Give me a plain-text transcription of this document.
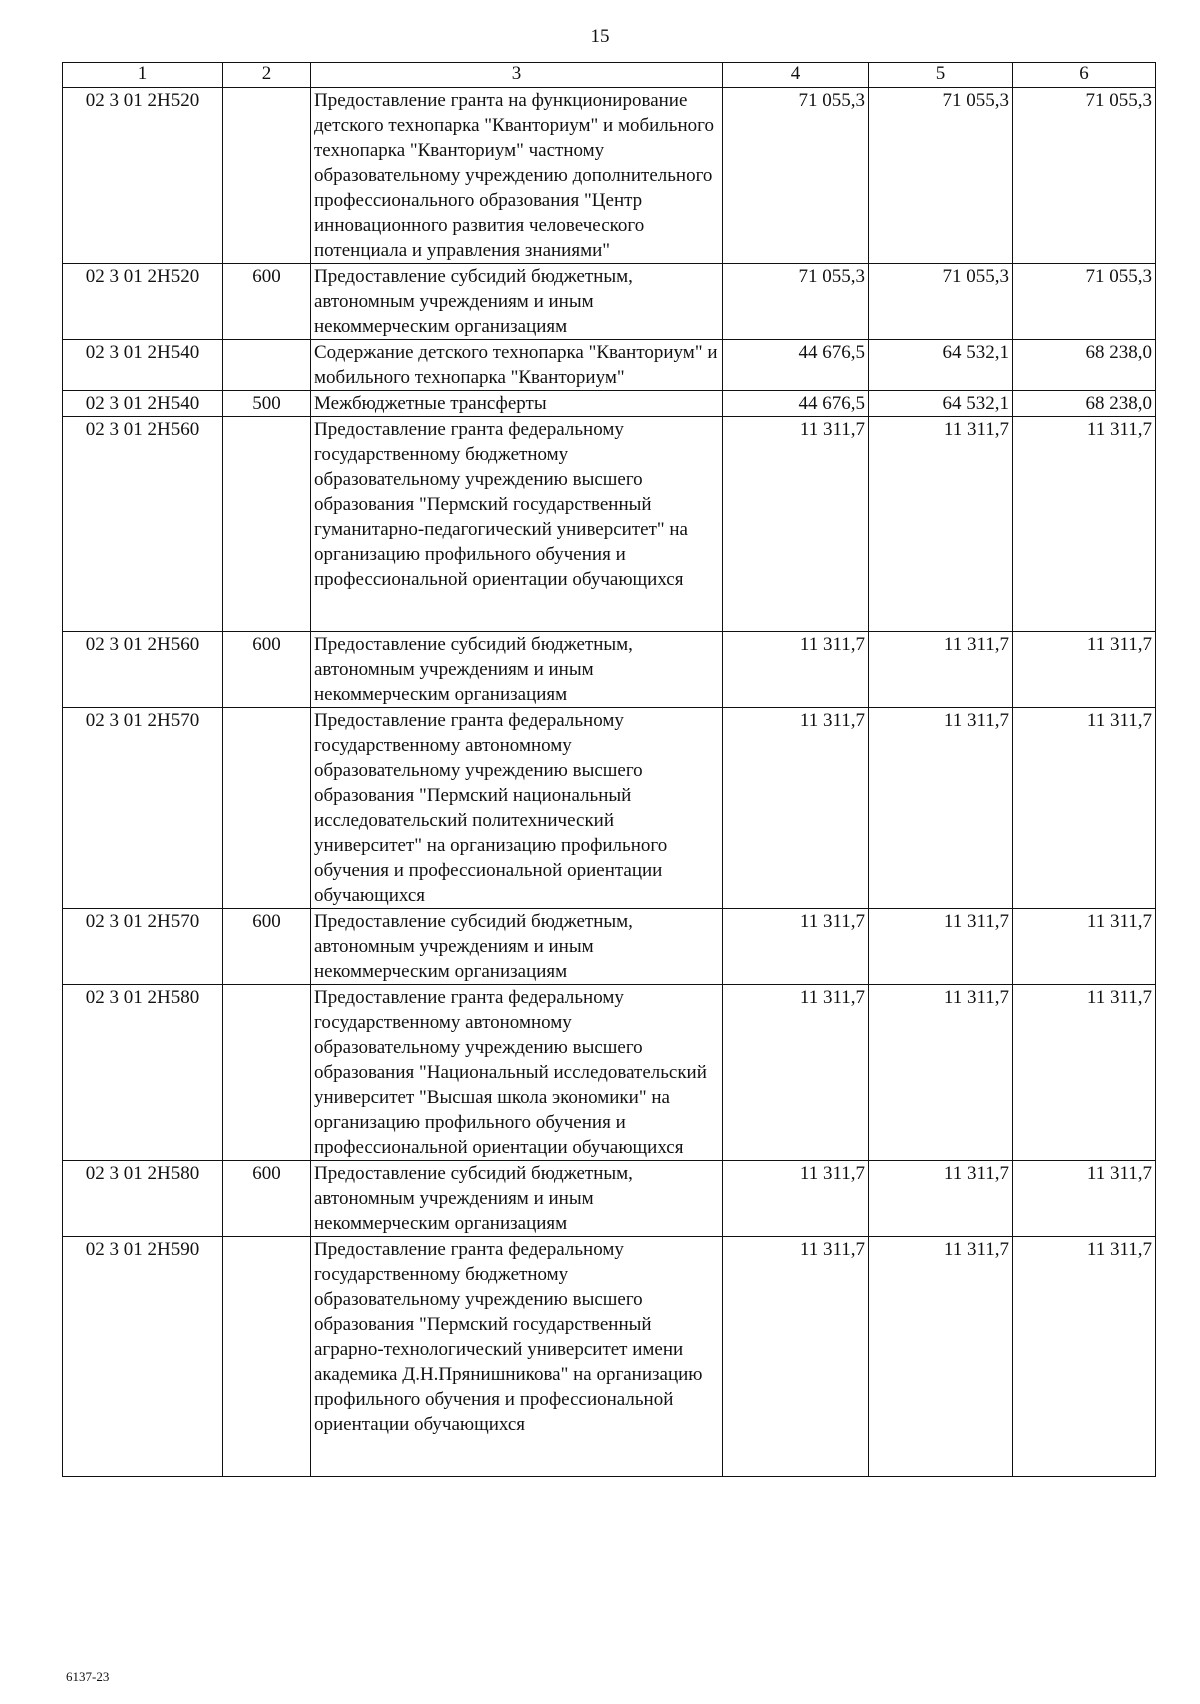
15
1	2	3	4	5	6
02 3 01 2Н520		Предоставление гранта на функционирование детского технопарка "Кванториум" и мобильного технопарка "Кванториум" частному образовательному учреждению дополнительного профессионального образования "Центр инновационного развития человеческого потенциала и управления знаниями"	71 055,3	71 055,3	71 055,3
02 3 01 2Н520	600	Предоставление субсидий бюджетным, автономным учреждениям и иным некоммерческим организациям	71 055,3	71 055,3	71 055,3
02 3 01 2Н540		Содержание детского технопарка "Кванториум" и мобильного технопарка "Кванториум"	44 676,5	64 532,1	68 238,0
02 3 01 2Н540	500	Межбюджетные трансферты	44 676,5	64 532,1	68 238,0
02 3 01 2Н560		Предоставление гранта федеральному государственному бюджетному образовательному учреждению высшего образования "Пермский государственный гуманитарно-педагогический университет" на организацию профильного обучения и профессиональной ориентации обучающихся	11 311,7	11 311,7	11 311,7
02 3 01 2Н560	600	Предоставление субсидий бюджетным, автономным учреждениям и иным некоммерческим организациям	11 311,7	11 311,7	11 311,7
02 3 01 2Н570		Предоставление гранта федеральному государственному автономному образовательному учреждению высшего образования "Пермский национальный исследовательский политехнический университет" на организацию профильного обучения и профессиональной ориентации обучающихся	11 311,7	11 311,7	11 311,7
02 3 01 2Н570	600	Предоставление субсидий бюджетным, автономным учреждениям и иным некоммерческим организациям	11 311,7	11 311,7	11 311,7
02 3 01 2Н580		Предоставление гранта федеральному государственному автономному образовательному учреждению высшего образования "Национальный исследовательский университет "Высшая школа экономики" на организацию профильного обучения и профессиональной ориентации обучающихся	11 311,7	11 311,7	11 311,7
02 3 01 2Н580	600	Предоставление субсидий бюджетным, автономным учреждениям и иным некоммерческим организациям	11 311,7	11 311,7	11 311,7
02 3 01 2Н590		Предоставление гранта федеральному государственному бюджетному образовательному учреждению высшего образования "Пермский государственный аграрно-технологический университет имени академика Д.Н.Прянишникова" на организацию профильного обучения и профессиональной ориентации обучающихся	11 311,7	11 311,7	11 311,7
6137-23
